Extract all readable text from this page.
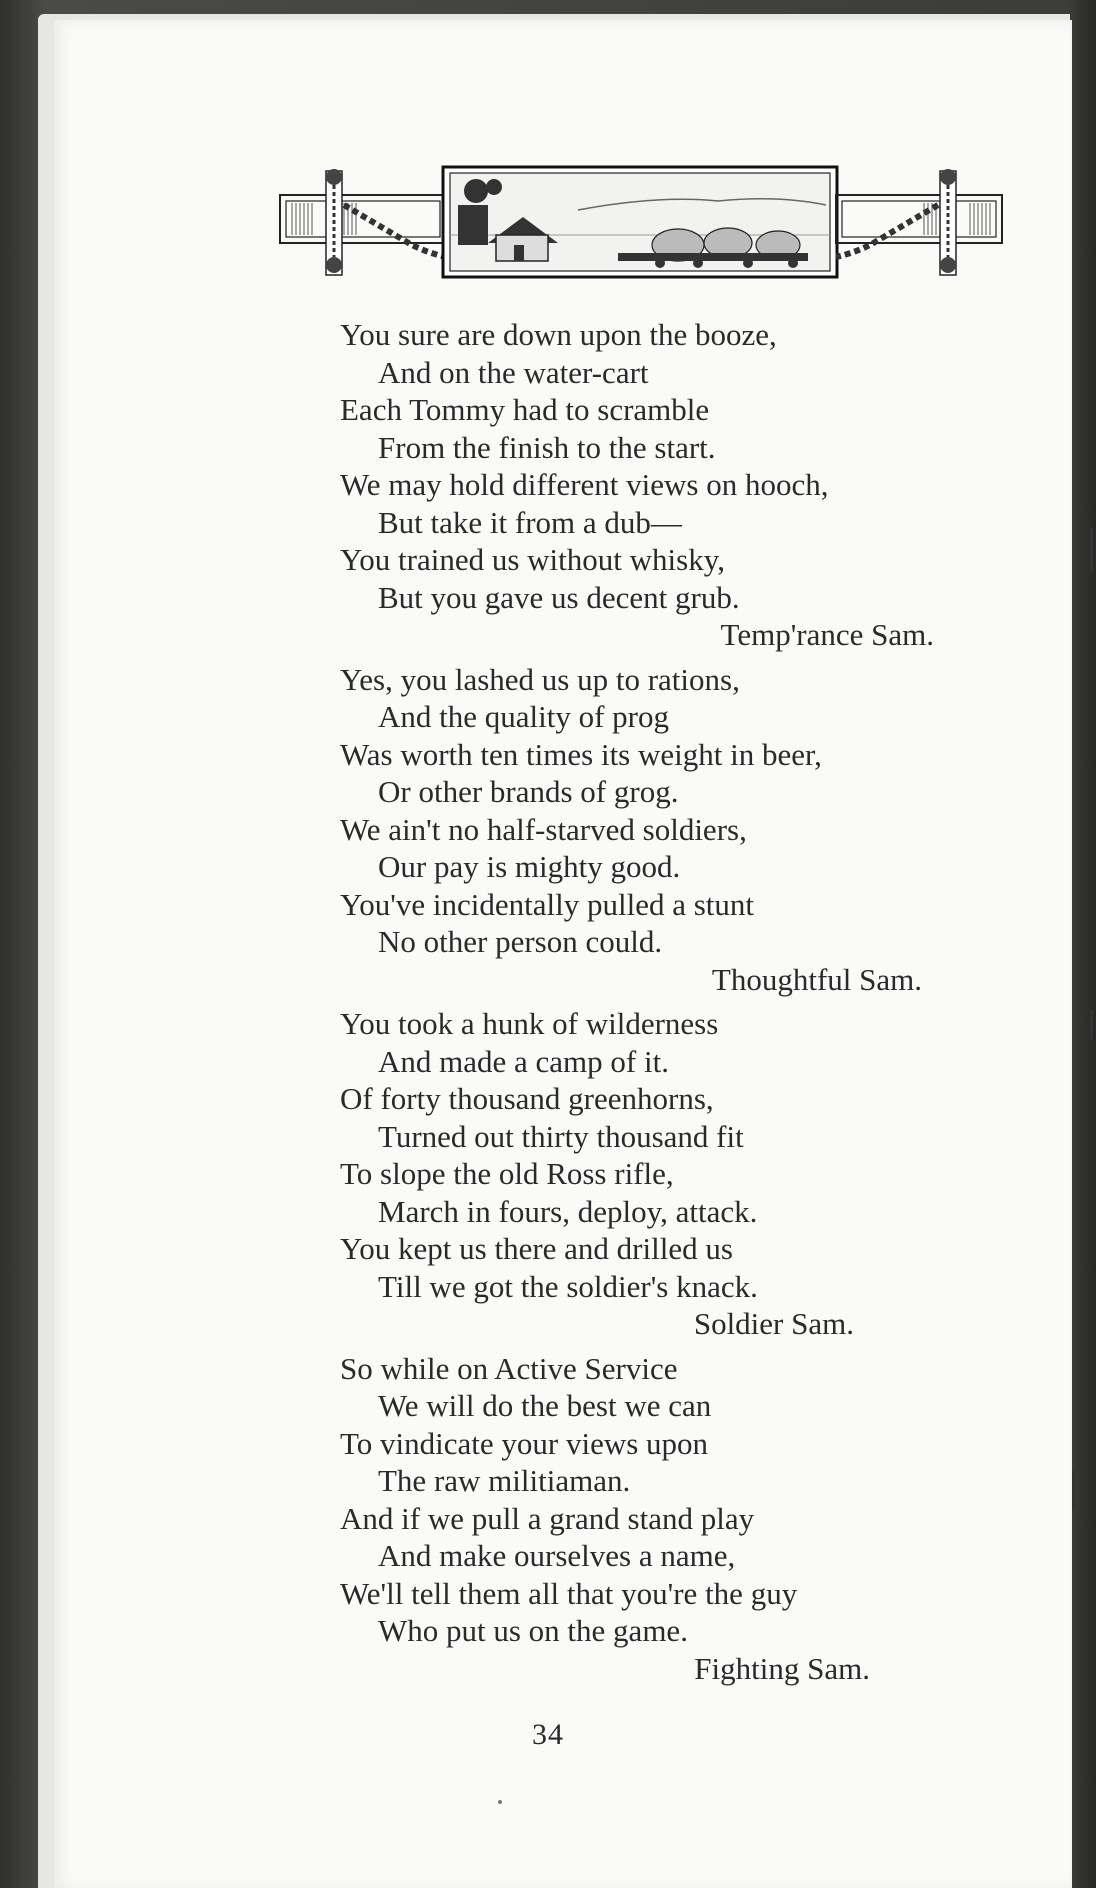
You sure are down upon the booze,
And on the water-cart
Each Tommy had to scramble
From the finish to the start.
We may hold different views on hooch,
But take it from a dub—
You trained us without whisky,
But you gave us decent grub.
Temp'rance Sam.
Yes, you lashed us up to rations,
And the quality of prog
Was worth ten times its weight in beer,
Or other brands of grog.
We ain't no half-starved soldiers,
Our pay is mighty good.
You've incidentally pulled a stunt
No other person could.
Thoughtful Sam.
You took a hunk of wilderness
And made a camp of it.
Of forty thousand greenhorns,
Turned out thirty thousand fit
To slope the old Ross rifle,
March in fours, deploy, attack.
You kept us there and drilled us
Till we got the soldier's knack.
Soldier Sam.
So while on Active Service
We will do the best we can
To vindicate your views upon
The raw militiaman.
And if we pull a grand stand play
And make ourselves a name,
We'll tell them all that you're the guy
Who put us on the game.
Fighting Sam.
34
